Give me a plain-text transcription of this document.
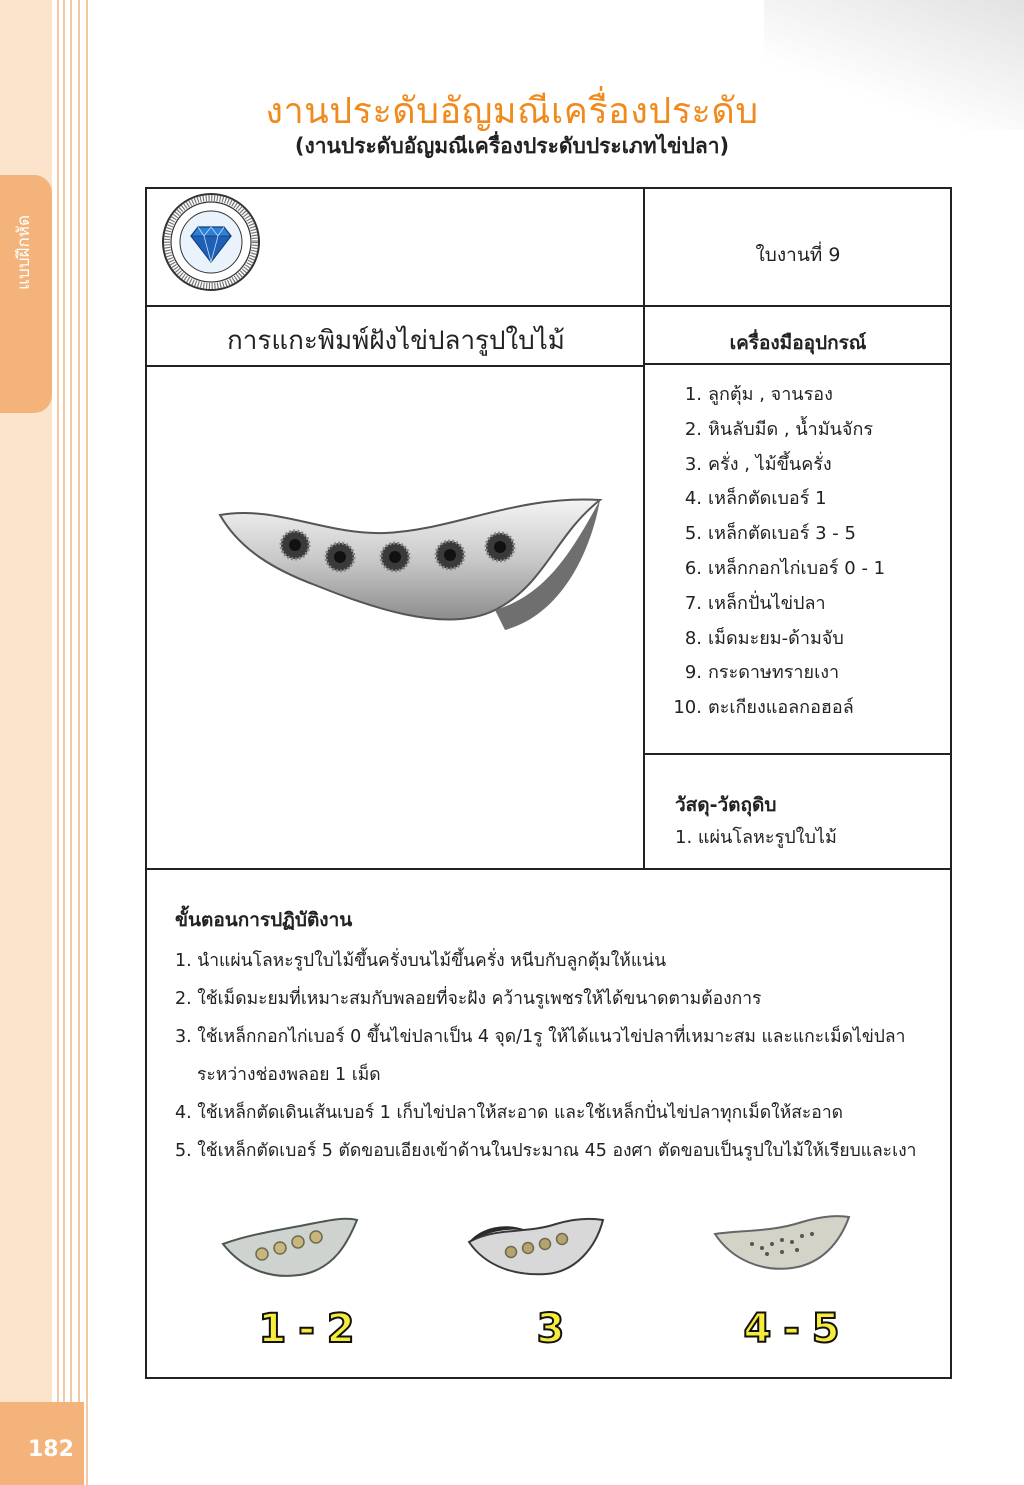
แบบฝึกหัด
งานประดับอัญมณีเครื่องประดับ
(งานประดับอัญมณีเครื่องประดับประเภทไข่ปลา)
ใบงานที่ 9
การแกะพิมพ์ฝังไข่ปลารูปใบไม้	เครื่องมืออุปกรณ์
1. ลูกตุ้ม , จานรอง
2. หินลับมีด , น้ำมันจักร
3. ครั่ง , ไม้ขึ้นครั่ง
4. เหล็กตัดเบอร์ 1
5. เหล็กตัดเบอร์ 3 - 5
6. เหล็กกอกไก่เบอร์ 0 - 1
7. เหล็กปั่นไข่ปลา
8. เม็ดมะยม-ด้ามจับ
9. กระดาษทรายเงา
10. ตะเกียงแอลกอฮอล์
วัสดุ-วัตถุดิบ
1. แผ่นโลหะรูปใบไม้
ขั้นตอนการปฏิบัติงาน
1. นำแผ่นโลหะรูปใบไม้ขึ้นครั่งบนไม้ขึ้นครั่ง หนีบกับลูกตุ้มให้แน่น
2. ใช้เม็ดมะยมที่เหมาะสมกับพลอยที่จะฝัง คว้านรูเพชรให้ได้ขนาดตามต้องการ
3. ใช้เหล็กกอกไก่เบอร์ 0 ขึ้นไข่ปลาเป็น 4 จุด/1รู ให้ได้แนวไข่ปลาที่เหมาะสม และแกะเม็ดไข่ปลา
ระหว่างช่องพลอย 1 เม็ด
4. ใช้เหล็กตัดเดินเส้นเบอร์ 1 เก็บไข่ปลาให้สะอาด และใช้เหล็กปั่นไข่ปลาทุกเม็ดให้สะอาด
5. ใช้เหล็กตัดเบอร์ 5 ตัดขอบเอียงเข้าด้านในประมาณ 45 องศา ตัดขอบเป็นรูปใบไม้ให้เรียบและเงา
1 - 2	3	4 - 5
182
